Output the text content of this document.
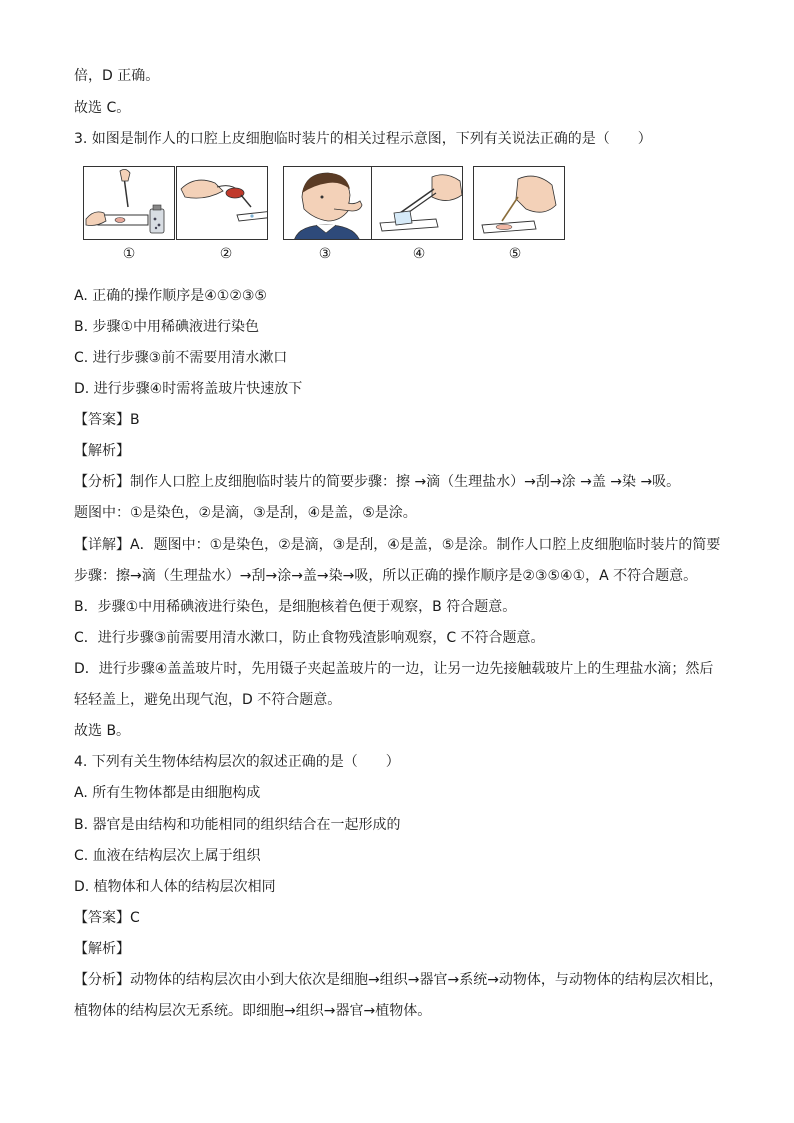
倍，D 正确。
故选 C。
3. 如图是制作人的口腔上皮细胞临时装片的相关过程示意图，下列有关说法正确的是（　　）
①	②	③	④	⑤
A. 正确的操作顺序是④①②③⑤
B. 步骤①中用稀碘液进行染色
C. 进行步骤③前不需要用清水漱口
D. 进行步骤④时需将盖玻片快速放下
【答案】B
【解析】
【分析】制作人口腔上皮细胞临时装片的简要步骤：擦 →滴（生理盐水）→刮→涂 →盖 →染 →吸。
题图中：①是染色，②是滴，③是刮，④是盖，⑤是涂。
【详解】A．题图中：①是染色，②是滴，③是刮，④是盖，⑤是涂。制作人口腔上皮细胞临时装片的简要
步骤：擦→滴（生理盐水）→刮→涂→盖→染→吸，所以正确的操作顺序是②③⑤④①，A 不符合题意。
B．步骤①中用稀碘液进行染色，是细胞核着色便于观察，B 符合题意。
C．进行步骤③前需要用清水漱口，防止食物残渣影响观察，C 不符合题意。
D．进行步骤④盖盖玻片时，先用镊子夹起盖玻片的一边，让另一边先接触载玻片上的生理盐水滴；然后
轻轻盖上，避免出现气泡，D 不符合题意。
故选 B。
4. 下列有关生物体结构层次的叙述正确的是（　　）
A. 所有生物体都是由细胞构成
B. 器官是由结构和功能相同的组织结合在一起形成的
C. 血液在结构层次上属于组织
D. 植物体和人体的结构层次相同
【答案】C
【解析】
【分析】动物体的结构层次由小到大依次是细胞→组织→器官→系统→动物体，与动物体的结构层次相比，
植物体的结构层次无系统。即细胞→组织→器官→植物体。
